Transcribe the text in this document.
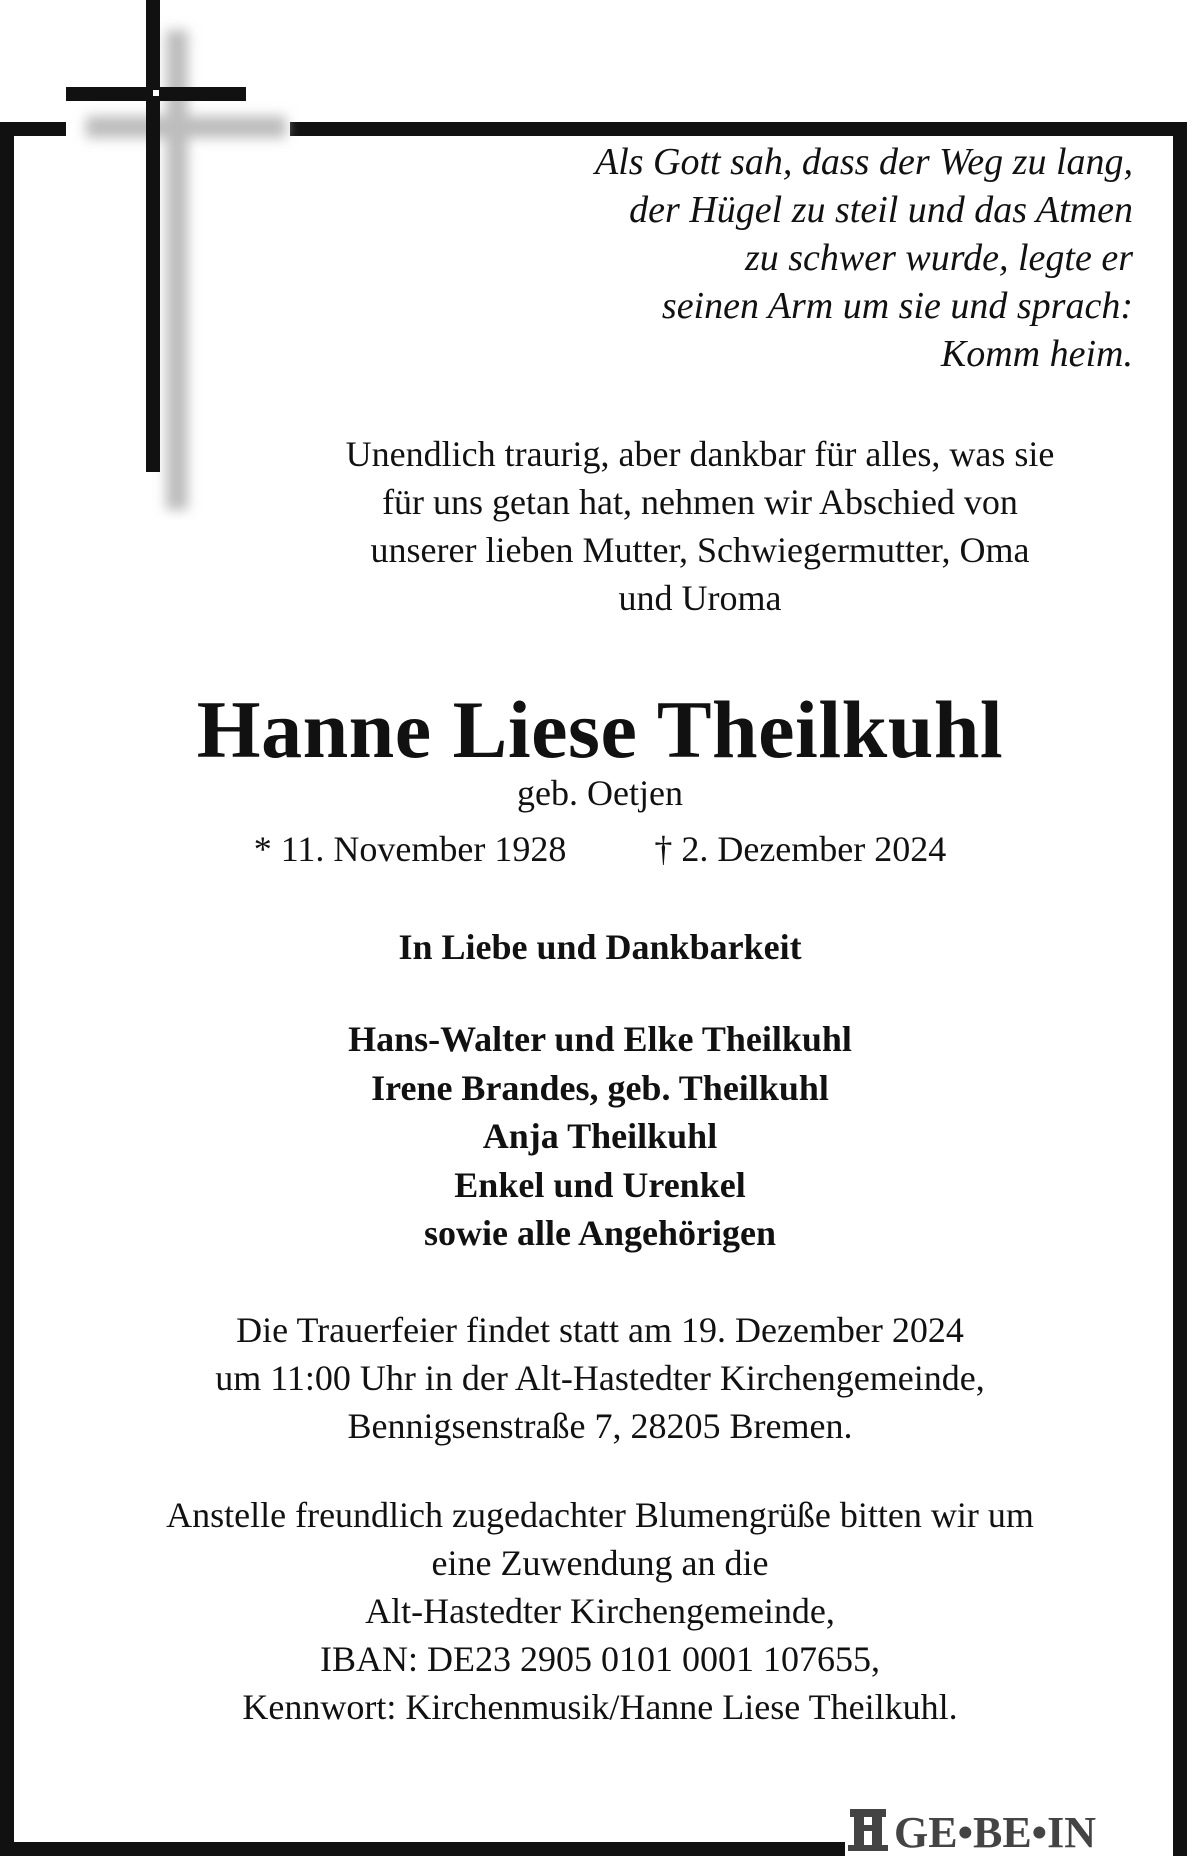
Als Gott sah, dass der Weg zu lang,
der Hügel zu steil und das Atmen
zu schwer wurde, legte er
seinen Arm um sie und sprach:
Komm heim.
Unendlich traurig, aber dankbar für alles, was sie
für uns getan hat, nehmen wir Abschied von
unserer lieben Mutter, Schwiegermutter, Oma
und Uroma
Hanne Liese Theilkuhl
geb. Oetjen
* 11. November 1928 † 2. Dezember 2024
In Liebe und Dankbarkeit
Hans-Walter und Elke Theilkuhl
Irene Brandes, geb. Theilkuhl
Anja Theilkuhl
Enkel und Urenkel
sowie alle Angehörigen
Die Trauerfeier findet statt am 19. Dezember 2024
um 11:00 Uhr in der Alt-Hastedter Kirchengemeinde,
Bennigsenstraße 7, 28205 Bremen.
Anstelle freundlich zugedachter Blumengrüße bitten wir um
eine Zuwendung an die
Alt-Hastedter Kirchengemeinde,
IBAN: DE23 2905 0101 0001 107655,
Kennwort: Kirchenmusik/Hanne Liese Theilkuhl.
GE•BE•IN
